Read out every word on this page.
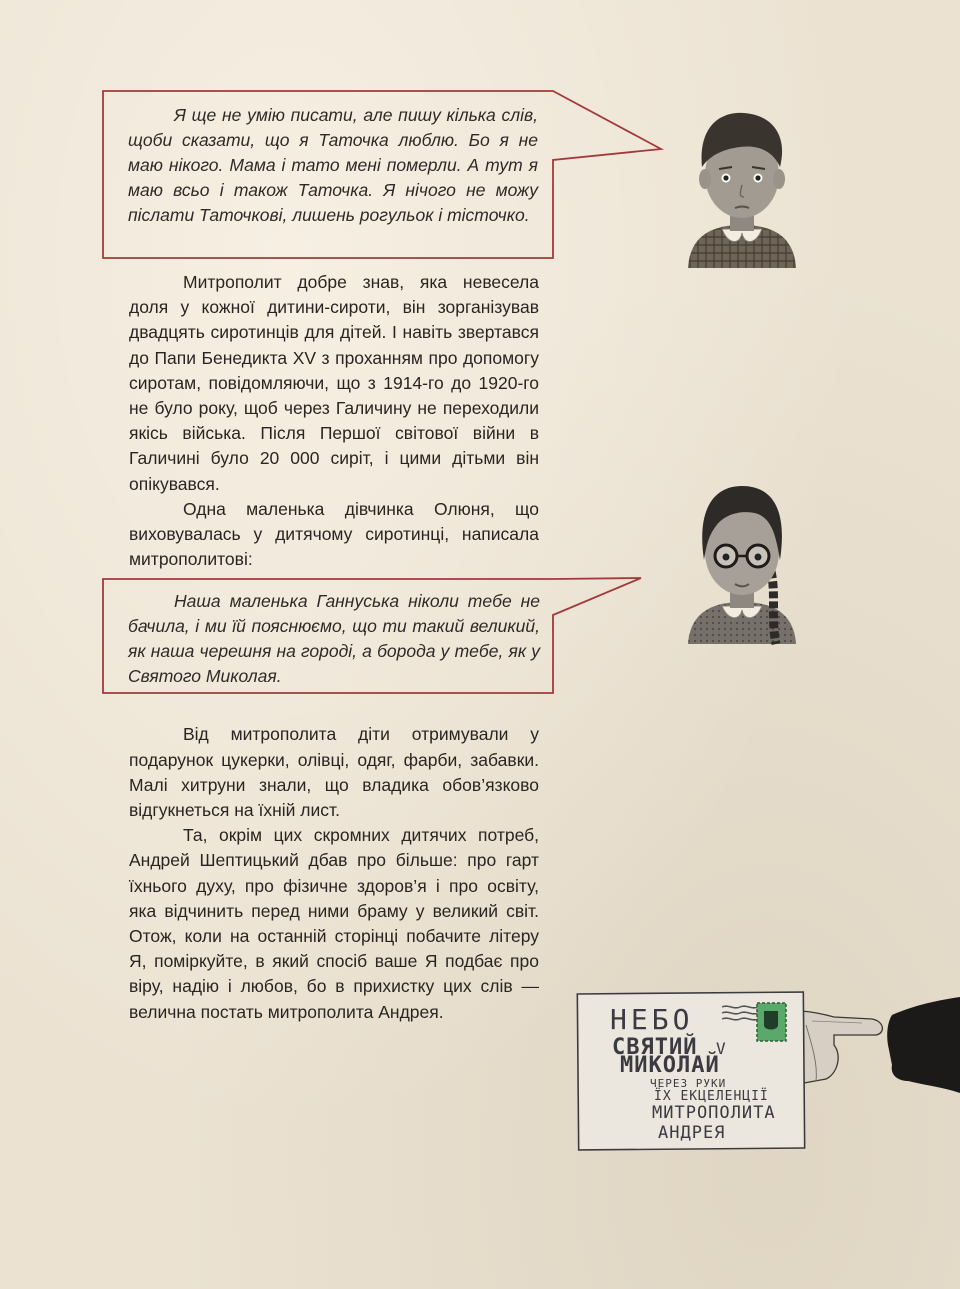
Я ще не умію писати, але пишу кілька слів, щоби сказати, що я Таточка люблю. Бо я не маю нікого. Мама і тато мені померли. А тут я маю всьо і також Таточка. Я нічого не можу післати Таточкові, лишень рогульок і тісточко.

Митрополит добре знав, яка невесела доля у кожної дитини-сироти, він зорганізував двадцять сиротинців для дітей. І навіть звертався до Папи Бенедикта XV з проханням про допомогу сиротам, повідомляючи, що з 1914-го до 1920-го не було року, щоб через Галичину не переходили якісь війська. Після Першої світової війни в Галичині було 20 000 сиріт, і цими дітьми він опікувався.

Одна маленька дівчинка Олюня, що виховувалась у дитячому сиротинці, написала митрополитові:

Від митрополита діти отримували у подарунок цукерки, олівці, одяг, фарби, забавки. Малі хитруни знали, що владика обов’язково відгукнеться на їхній лист.

Та, окрім цих скромних дитячих потреб, Андрей Шептицький дбав про більше: про гарт їхнього духу, про фізичне здоров’я і про освіту, яка відчинить перед ними браму у великий світ. Отож, коли на останній сторінці побачите літеру Я, поміркуйте, в який спосіб ваше Я подбає про віру, надію і любов, бо в прихистку цих слів — велична постать митрополита Андрея.

Наша маленька Ганнуська ніколи тебе не бачила, і ми їй пояснюємо, що ти такий великий, як наша черешня на городі, а борода у тебе, як у Святого Миколая.

НЕБО
СВЯТИЙ V
МИКОЛАЙ
ЧЕРЕЗ РУКИ
ЇХ ЕКЦЕЛЕНЦІЇ
МИТРОПОЛИТА
АНДРЕЯ
